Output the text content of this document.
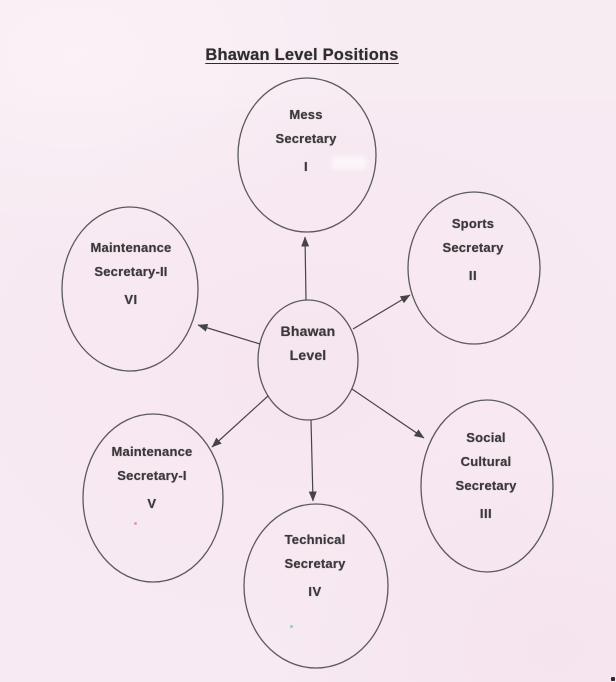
Bhawan Level Positions
Mess
Secretary
I
Sports
Secretary
II
Maintenance
Secretary-II
VI
Bhawan
Level
Maintenance
Secretary-I
V
Social
Cultural
Secretary
III
Technical
Secretary
IV
